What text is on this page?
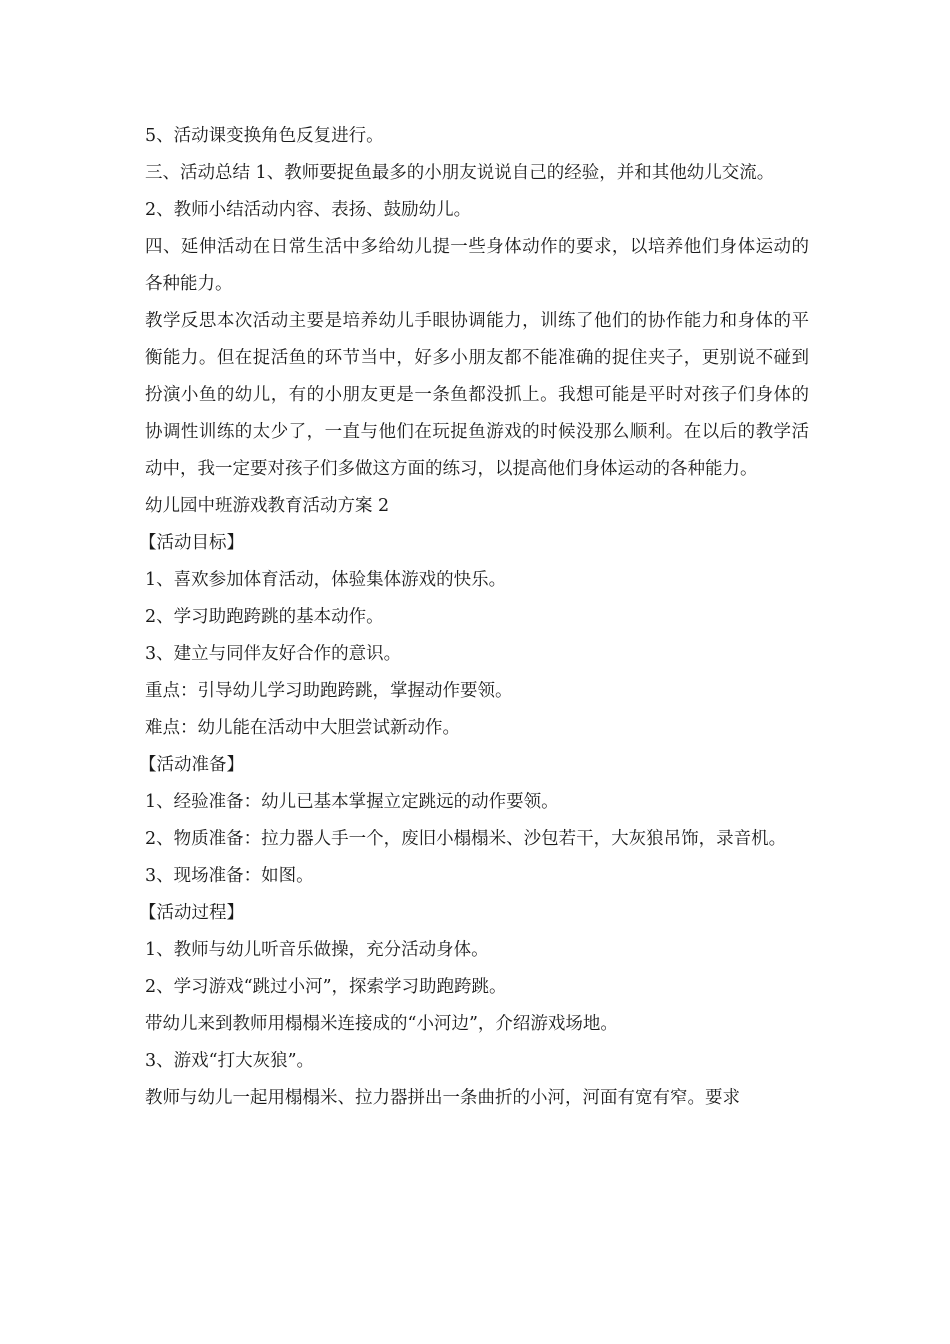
5、活动课变换角色反复进行。

三、活动总结 1、教师要捉鱼最多的小朋友说说自己的经验，并和其他幼儿交流。

2、教师小结活动内容、表扬、鼓励幼儿。

四、延伸活动在日常生活中多给幼儿提一些身体动作的要求，以培养他们身体运动的各种能力。

教学反思本次活动主要是培养幼儿手眼协调能力，训练了他们的协作能力和身体的平衡能力。但在捉活鱼的环节当中，好多小朋友都不能准确的捉住夹子，更别说不碰到扮演小鱼的幼儿，有的小朋友更是一条鱼都没抓上。我想可能是平时对孩子们身体的协调性训练的太少了，一直与他们在玩捉鱼游戏的时候没那么顺利。在以后的教学活动中，我一定要对孩子们多做这方面的练习，以提高他们身体运动的各种能力。

幼儿园中班游戏教育活动方案 2

【活动目标】

1、喜欢参加体育活动，体验集体游戏的快乐。

2、学习助跑跨跳的基本动作。

3、建立与同伴友好合作的意识。

重点：引导幼儿学习助跑跨跳，掌握动作要领。

难点：幼儿能在活动中大胆尝试新动作。

【活动准备】

1、经验准备：幼儿已基本掌握立定跳远的动作要领。

2、物质准备：拉力器人手一个，废旧小榻榻米、沙包若干，大灰狼吊饰，录音机。

3、现场准备：如图。

【活动过程】

1、教师与幼儿听音乐做操，充分活动身体。

2、学习游戏“跳过小河”，探索学习助跑跨跳。

带幼儿来到教师用榻榻米连接成的“小河边”，介绍游戏场地。

3、游戏“打大灰狼”。

教师与幼儿一起用榻榻米、拉力器拼出一条曲折的小河，河面有宽有窄。要求
